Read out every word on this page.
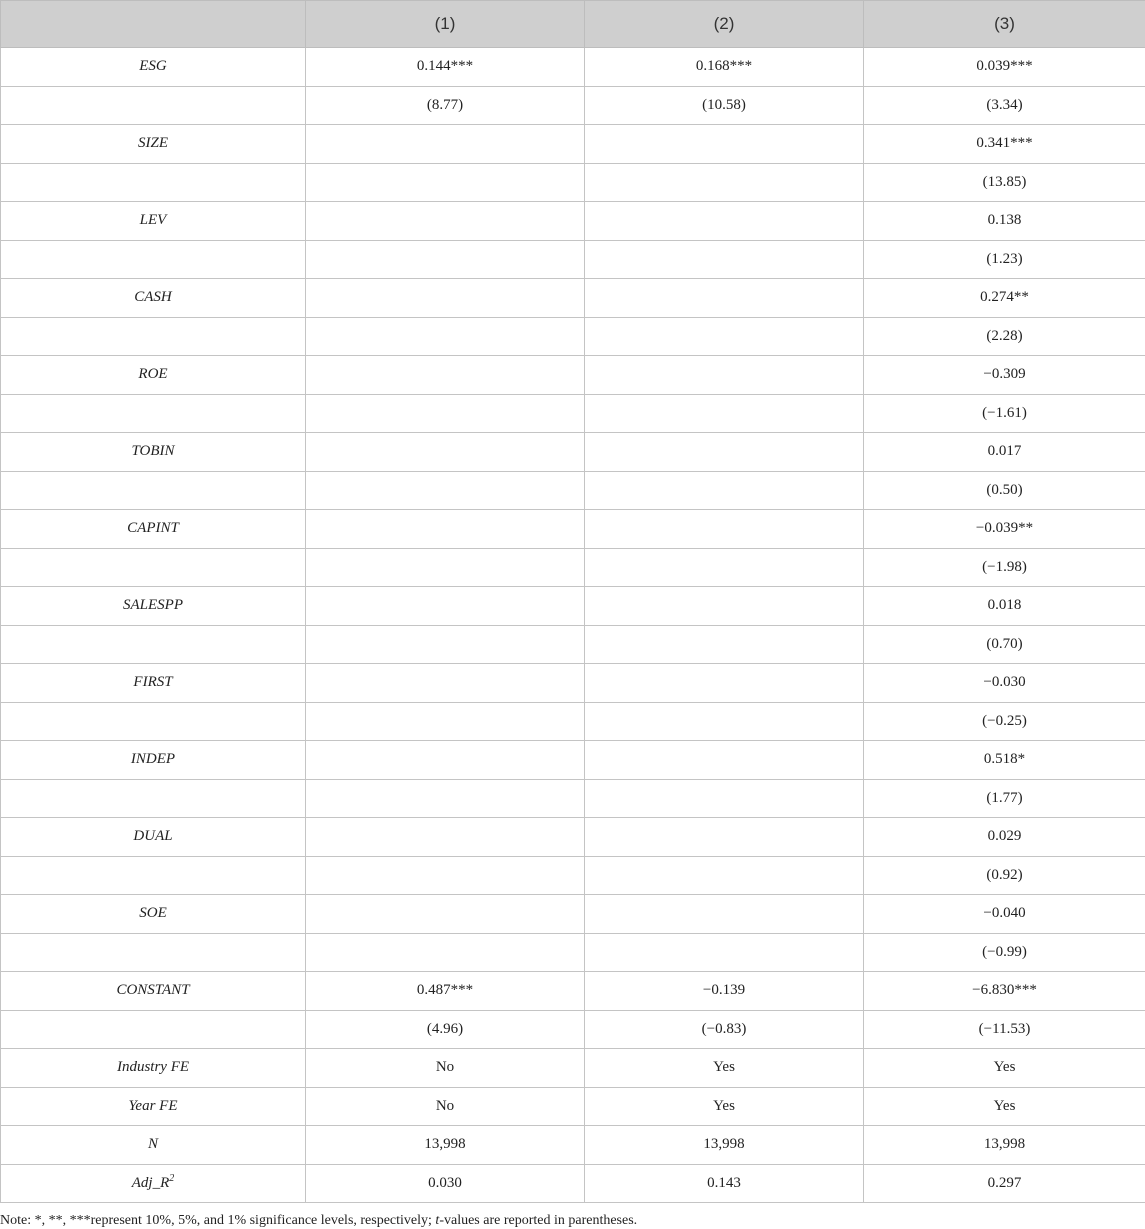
	(1)	(2)	(3)
ESG	0.144***	0.168***	0.039***
	(8.77)	(10.58)	(3.34)
SIZE			0.341***
			(13.85)
LEV			0.138
			(1.23)
CASH			0.274**
			(2.28)
ROE			−0.309
			(−1.61)
TOBIN			0.017
			(0.50)
CAPINT			−0.039**
			(−1.98)
SALESPP			0.018
			(0.70)
FIRST			−0.030
			(−0.25)
INDEP			0.518*
			(1.77)
DUAL			0.029
			(0.92)
SOE			−0.040
			(−0.99)
CONSTANT	0.487***	−0.139	−6.830***
	(4.96)	(−0.83)	(−11.53)
Industry FE	No	Yes	Yes
Year FE	No	Yes	Yes
N	13,998	13,998	13,998
$Adj\_R^2$	0.030	0.143	0.297
Note: *, **, ***represent 10%, 5%, and 1% significance levels, respectively; t-values are reported in parentheses.
